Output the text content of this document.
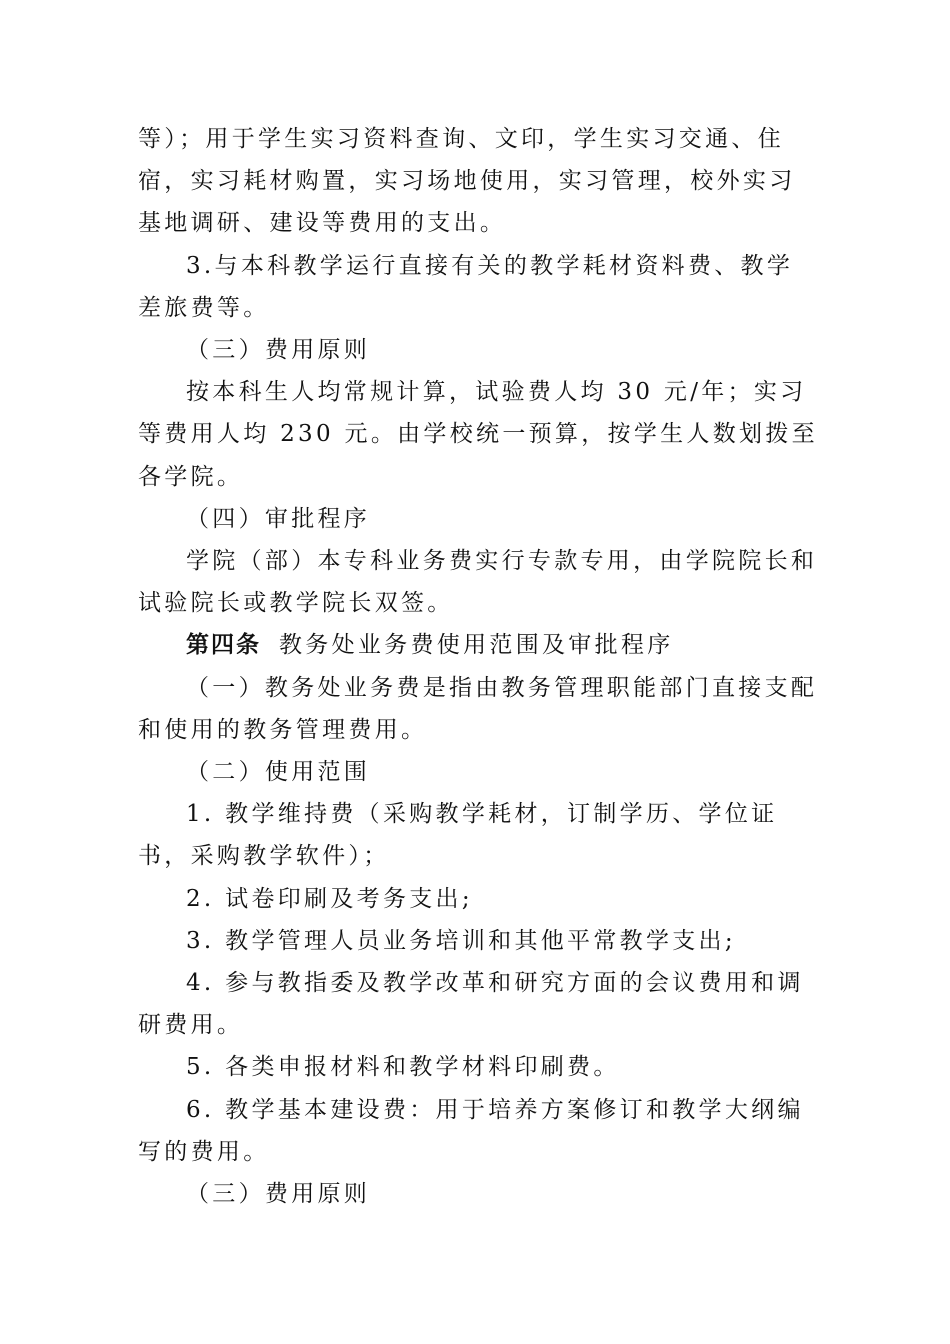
等）；用于学生实习资料查询、文印，学生实习交通、住宿，实习耗材购置，实习场地使用，实习管理，校外实习基地调研、建设等费用的支出。

3.与本科教学运行直接有关的教学耗材资料费、教学差旅费等。

（三）费用原则

按本科生人均常规计算，试验费人均 30 元/年；实习等费用人均 230 元。由学校统一预算，按学生人数划拨至各学院。

（四）审批程序

学院（部）本专科业务费实行专款专用，由学院院长和试验院长或教学院长双签。

第四条 教务处业务费使用范围及审批程序

（一）教务处业务费是指由教务管理职能部门直接支配和使用的教务管理费用。

（二）使用范围

1. 教学维持费（采购教学耗材，订制学历、学位证书，采购教学软件）；

2. 试卷印刷及考务支出;

3. 教学管理人员业务培训和其他平常教学支出;

4. 参与教指委及教学改革和研究方面的会议费用和调研费用。

5. 各类申报材料和教学材料印刷费。

6. 教学基本建设费：用于培养方案修订和教学大纲编写的费用。

（三）费用原则
